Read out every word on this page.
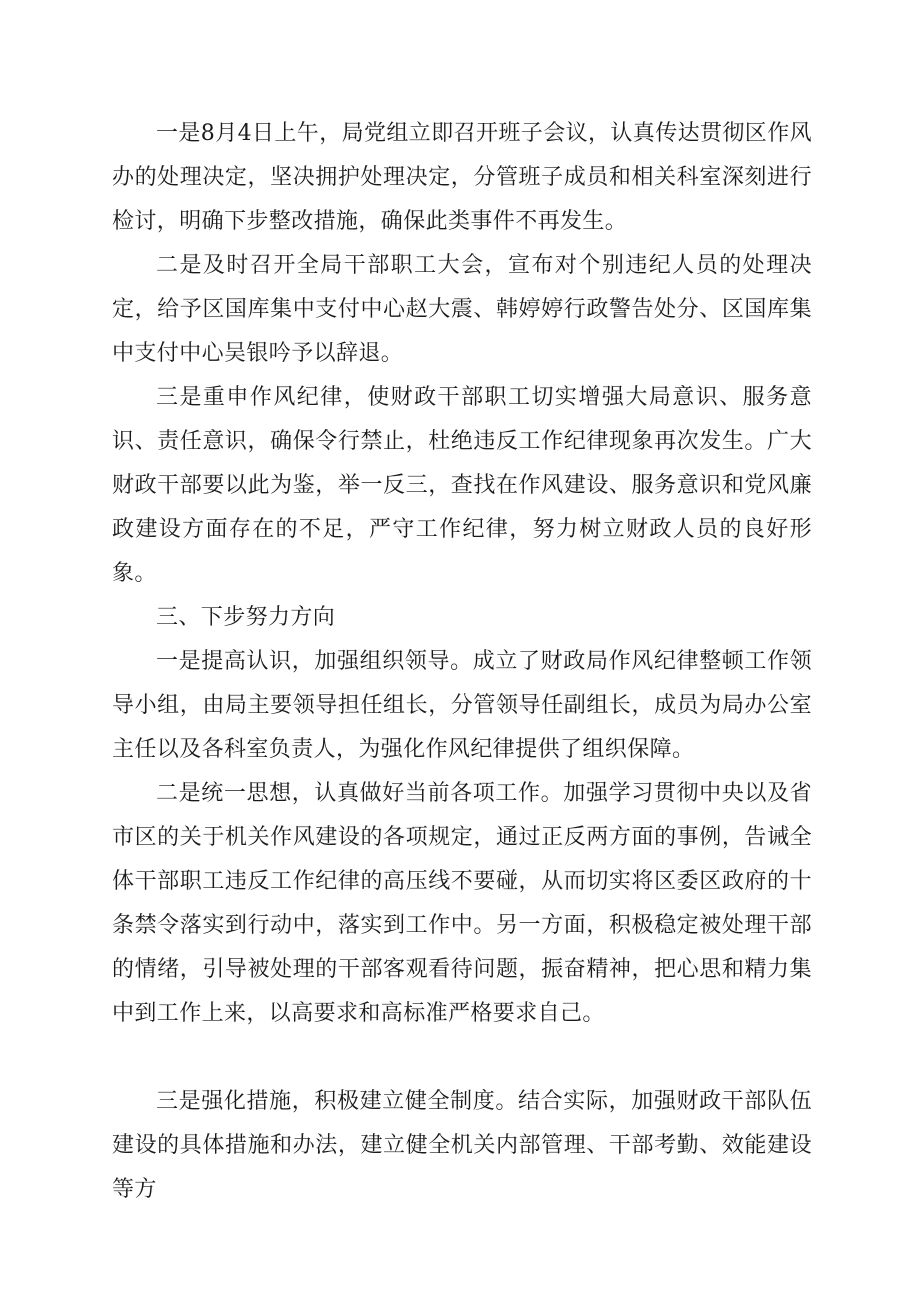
一是8月4日上午，局党组立即召开班子会议，认真传达贯彻区作风办的处理决定，坚决拥护处理决定，分管班子成员和相关科室深刻进行检讨，明确下步整改措施，确保此类事件不再发生。

二是及时召开全局干部职工大会，宣布对个别违纪人员的处理决定，给予区国库集中支付中心赵大震、韩婷婷行政警告处分、区国库集中支付中心吴银吟予以辞退。

三是重申作风纪律，使财政干部职工切实增强大局意识、服务意识、责任意识，确保令行禁止，杜绝违反工作纪律现象再次发生。广大财政干部要以此为鉴，举一反三，查找在作风建设、服务意识和党风廉政建设方面存在的不足，严守工作纪律，努力树立财政人员的良好形象。

三、下步努力方向

一是提高认识，加强组织领导。成立了财政局作风纪律整顿工作领导小组，由局主要领导担任组长，分管领导任副组长，成员为局办公室主任以及各科室负责人，为强化作风纪律提供了组织保障。

二是统一思想，认真做好当前各项工作。加强学习贯彻中央以及省市区的关于机关作风建设的各项规定，通过正反两方面的事例，告诫全体干部职工违反工作纪律的高压线不要碰，从而切实将区委区政府的十条禁令落实到行动中，落实到工作中。另一方面，积极稳定被处理干部的情绪，引导被处理的干部客观看待问题，振奋精神，把心思和精力集中到工作上来，以高要求和高标准严格要求自己。

三是强化措施，积极建立健全制度。结合实际，加强财政干部队伍建设的具体措施和办法，建立健全机关内部管理、干部考勤、效能建设等方
